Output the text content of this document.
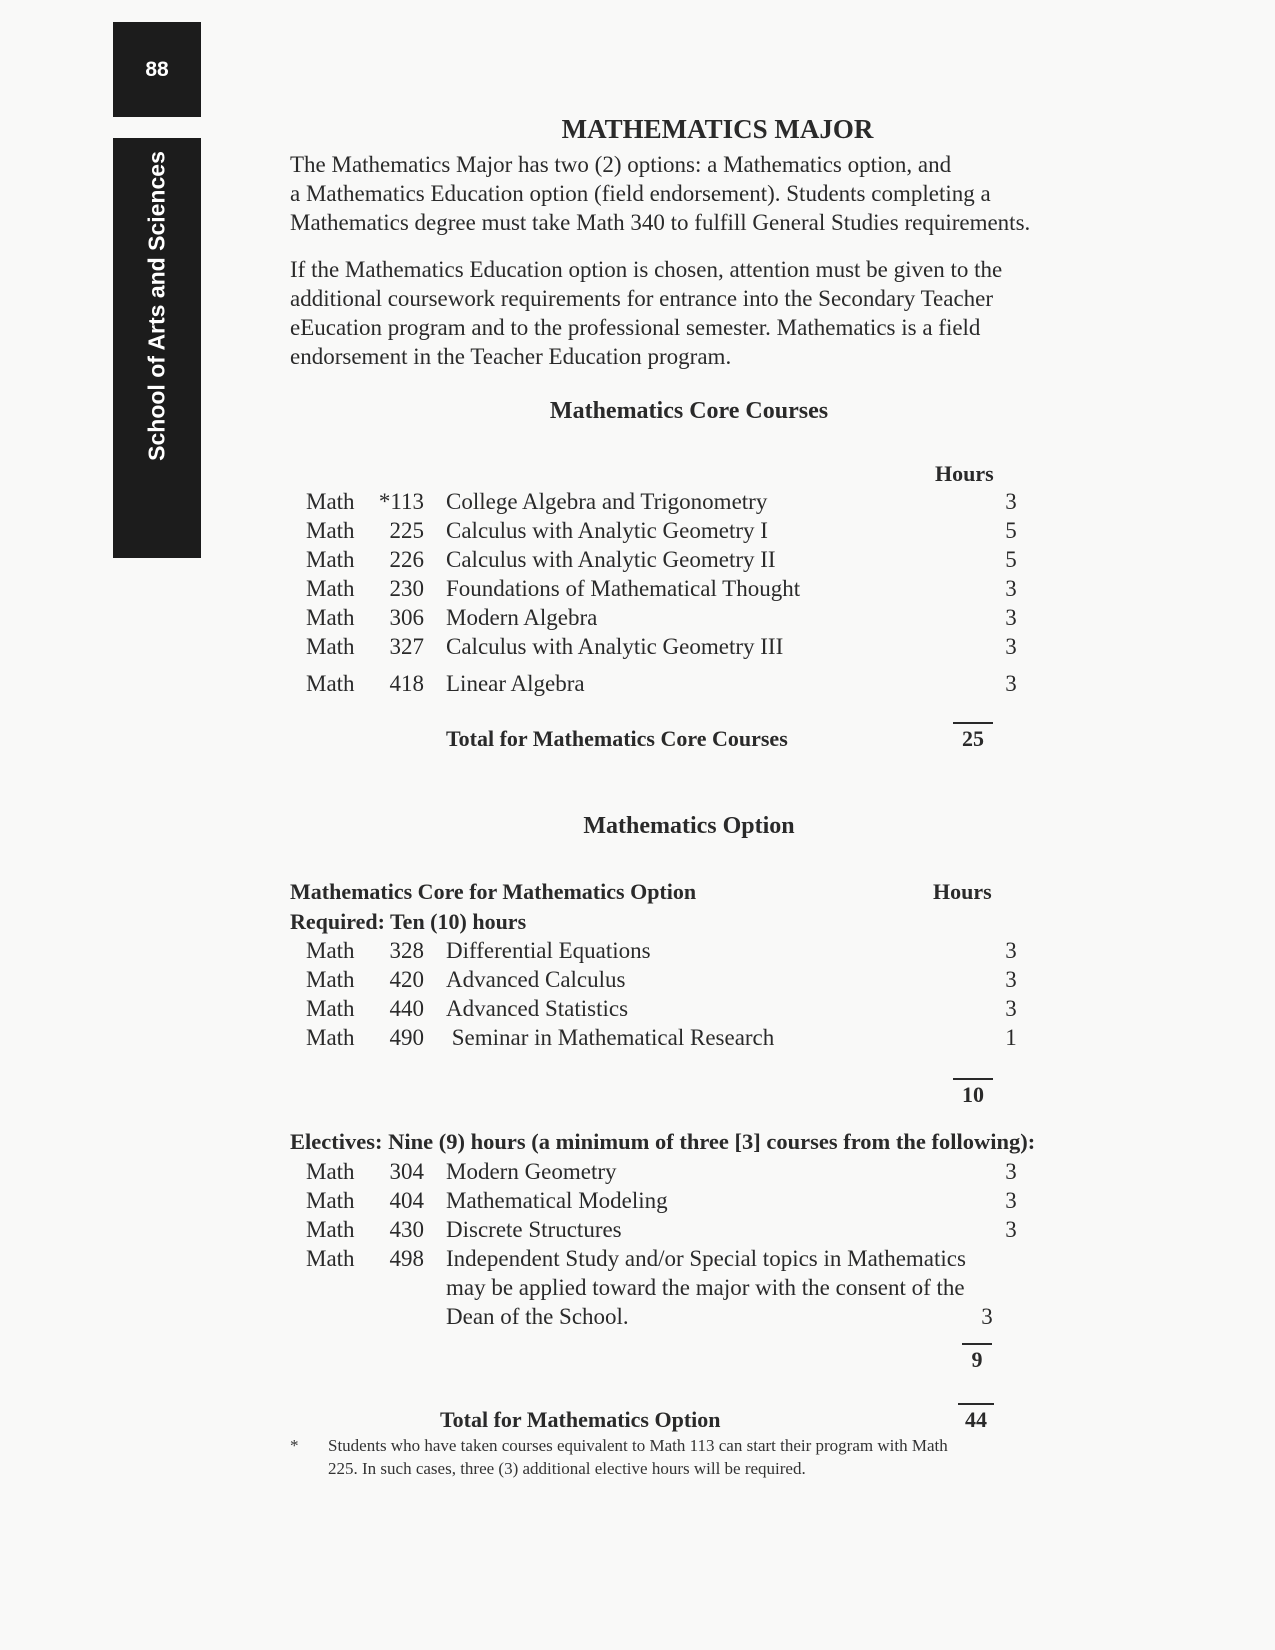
88
School of Arts and Sciences
MATHEMATICS MAJOR
The Mathematics Major has two (2) options: a Mathematics option, and
a Mathematics Education option (field endorsement). Students completing a
Mathematics degree must take Math 340 to fulfill General Studies requirements.
If the Mathematics Education option is chosen, attention must be given to the
additional coursework requirements for entrance into the Secondary Teacher
eEucation program and to the professional semester. Mathematics is a field
endorsement in the Teacher Education program.
Mathematics Core Courses
Hours
Math	*113 College Algebra and Trigonometry	3
Math	225 Calculus with Analytic Geometry I	5
Math	226 Calculus with Analytic Geometry II	5
Math	230 Foundations of Mathematical Thought	3
Math	306 Modern Algebra	3
Math	327 Calculus with Analytic Geometry III	3
Math	418 Linear Algebra	3
Total for Mathematics Core Courses	25
Mathematics Option
Mathematics Core for Mathematics Option	Hours
Required: Ten (10) hours
Math	328 Differential Equations	3
Math	420 Advanced Calculus	3
Math	440 Advanced Statistics	3
Math	490 Seminar in Mathematical Research	1
10
Electives: Nine (9) hours (a minimum of three [3] courses from the following):
Math	304 Modern Geometry	3
Math	404 Mathematical Modeling	3
Math	430 Discrete Structures	3
Math	498 Independent Study and/or Special topics in Mathematics
may be applied toward the major with the consent of the
Dean of the School.	3
9
Total for Mathematics Option	44
* Students who have taken courses equivalent to Math 113 can start their program with Math
225. In such cases, three (3) additional elective hours will be required.
